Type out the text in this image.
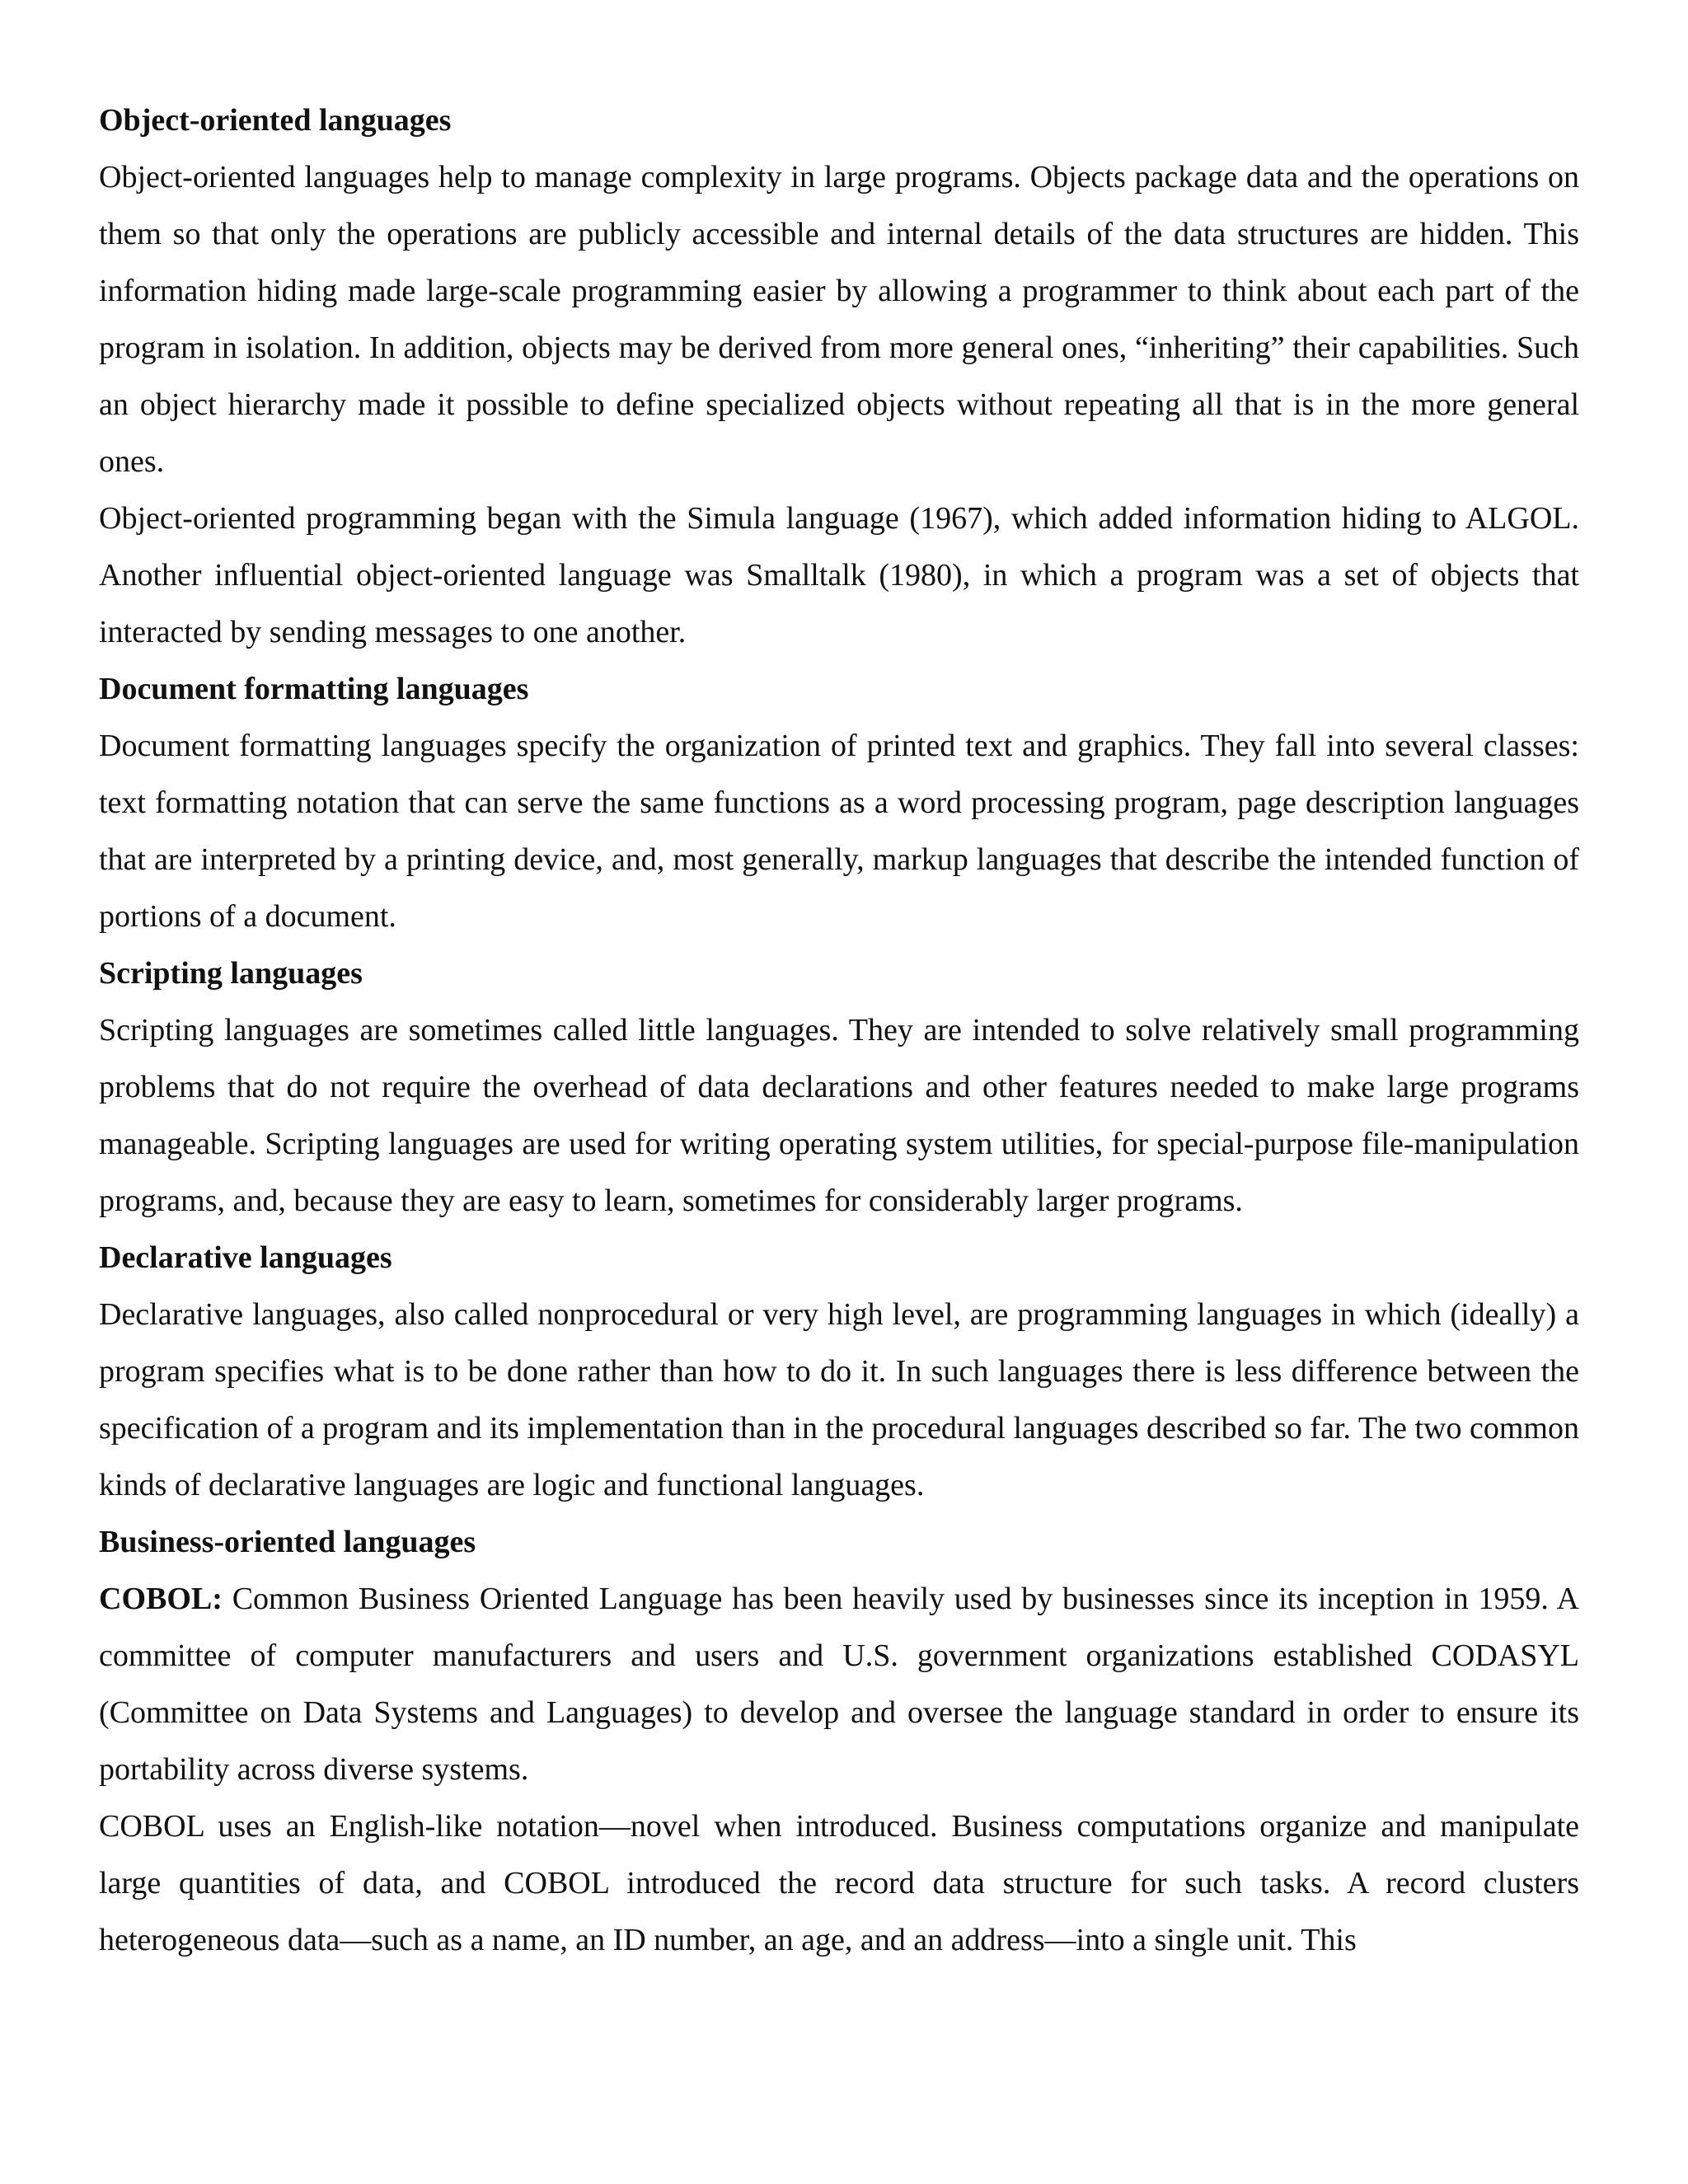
Object-oriented languages

Object-oriented languages help to manage complexity in large programs. Objects package data and the operations on them so that only the operations are publicly accessible and internal details of the data structures are hidden. This information hiding made large-scale programming easier by allowing a programmer to think about each part of the program in isolation. In addition, objects may be derived from more general ones, “inheriting” their capabilities. Such an object hierarchy made it possible to define specialized objects without repeating all that is in the more general ones.

Object-oriented programming began with the Simula language (1967), which added information hiding to ALGOL. Another influential object-oriented language was Smalltalk (1980), in which a program was a set of objects that interacted by sending messages to one another.

Document formatting languages

Document formatting languages specify the organization of printed text and graphics. They fall into several classes: text formatting notation that can serve the same functions as a word processing program, page description languages that are interpreted by a printing device, and, most generally, markup languages that describe the intended function of portions of a document.

Scripting languages

Scripting languages are sometimes called little languages. They are intended to solve relatively small programming problems that do not require the overhead of data declarations and other features needed to make large programs manageable. Scripting languages are used for writing operating system utilities, for special-purpose file-manipulation programs, and, because they are easy to learn, sometimes for considerably larger programs.

Declarative languages

Declarative languages, also called nonprocedural or very high level, are programming languages in which (ideally) a program specifies what is to be done rather than how to do it. In such languages there is less difference between the specification of a program and its implementation than in the procedural languages described so far. The two common kinds of declarative languages are logic and functional languages.

Business-oriented languages

COBOL: Common Business Oriented Language has been heavily used by businesses since its inception in 1959. A committee of computer manufacturers and users and U.S. government organizations established CODASYL (Committee on Data Systems and Languages) to develop and oversee the language standard in order to ensure its portability across diverse systems.

COBOL uses an English-like notation—novel when introduced. Business computations organize and manipulate large quantities of data, and COBOL introduced the record data structure for such tasks. A record clusters heterogeneous data—such as a name, an ID number, an age, and an address—into a single unit. This
